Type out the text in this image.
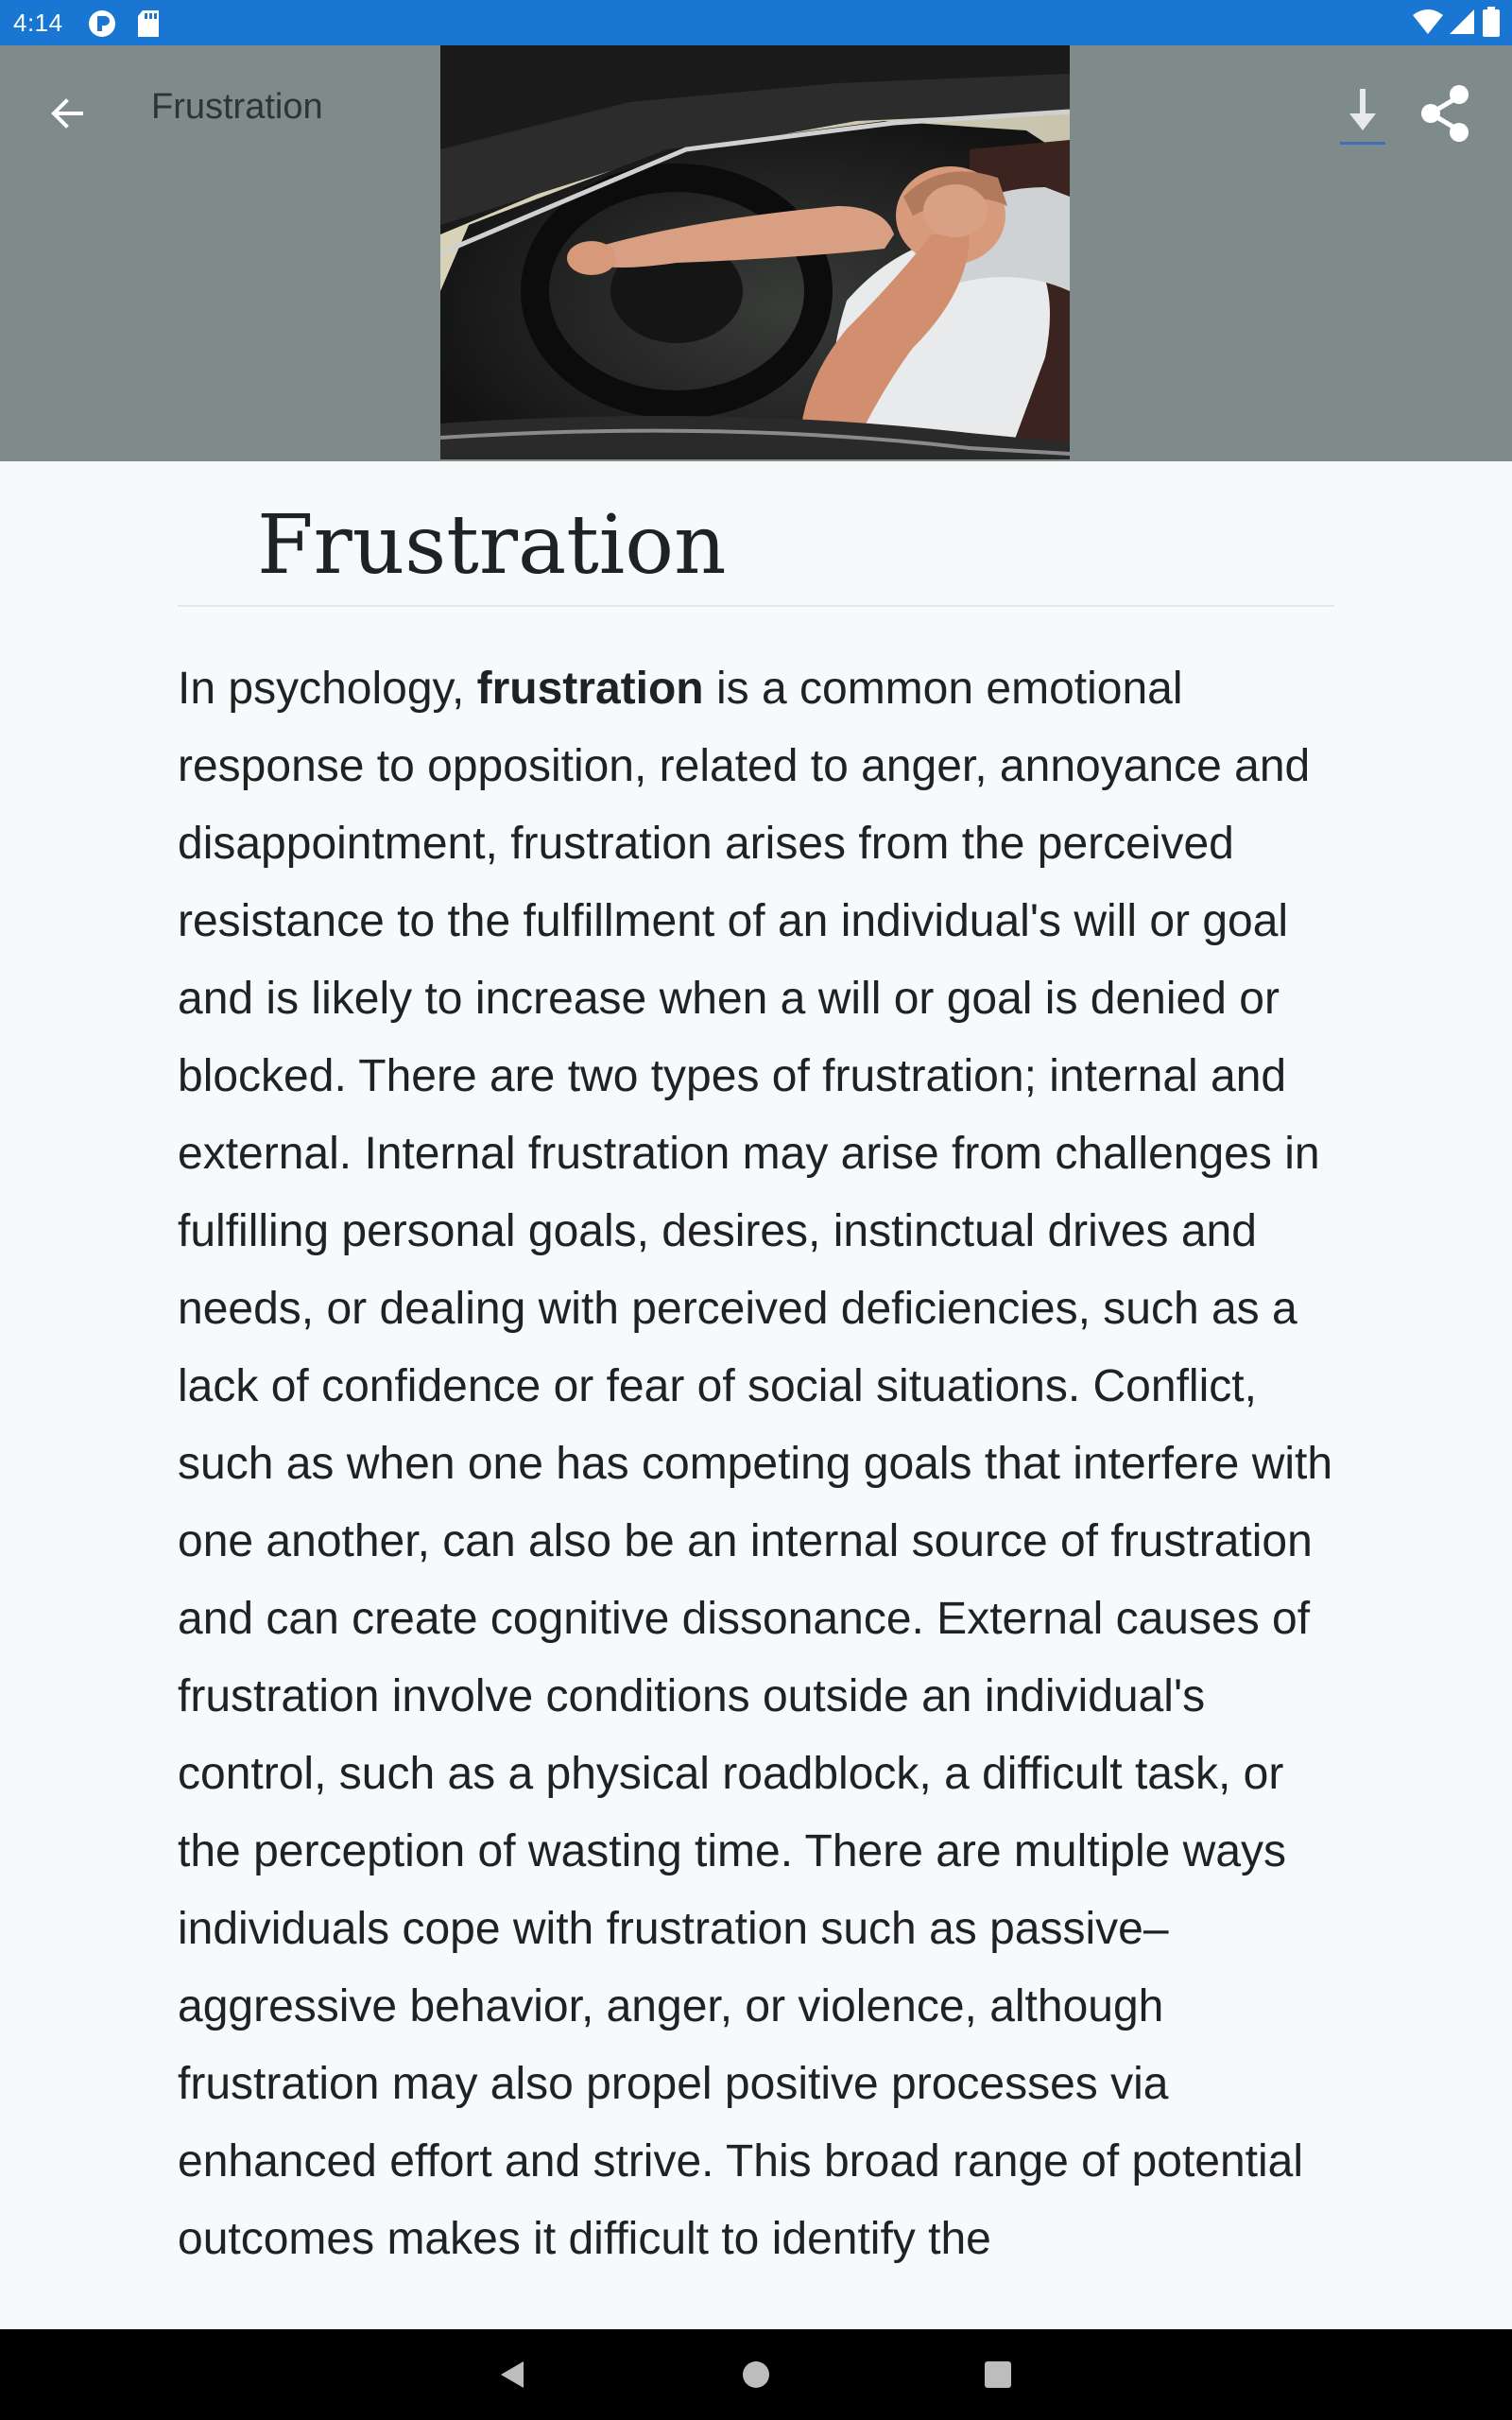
4:14
Frustration
Frustration

In psychology, frustration is a common emotional response to opposition, related to anger, annoyance and disappointment, frustration arises from the perceived resistance to the fulfillment of an individual's will or goal and is likely to increase when a will or goal is denied or blocked. There are two types of frustration; internal and external. Internal frustration may arise from challenges in fulfilling personal goals, desires, instinctual drives and needs, or dealing with perceived deficiencies, such as a lack of confidence or fear of social situations. Conflict, such as when one has competing goals that interfere with one another, can also be an internal source of frustration and can create cognitive dissonance. External causes of frustration involve conditions outside an individual's control, such as a physical roadblock, a difficult task, or the perception of wasting time. There are multiple ways individuals cope with frustration such as passive–aggressive behavior, anger, or violence, although frustration may also propel positive processes via enhanced effort and strive. This broad range of potential outcomes makes it difficult to identify the
